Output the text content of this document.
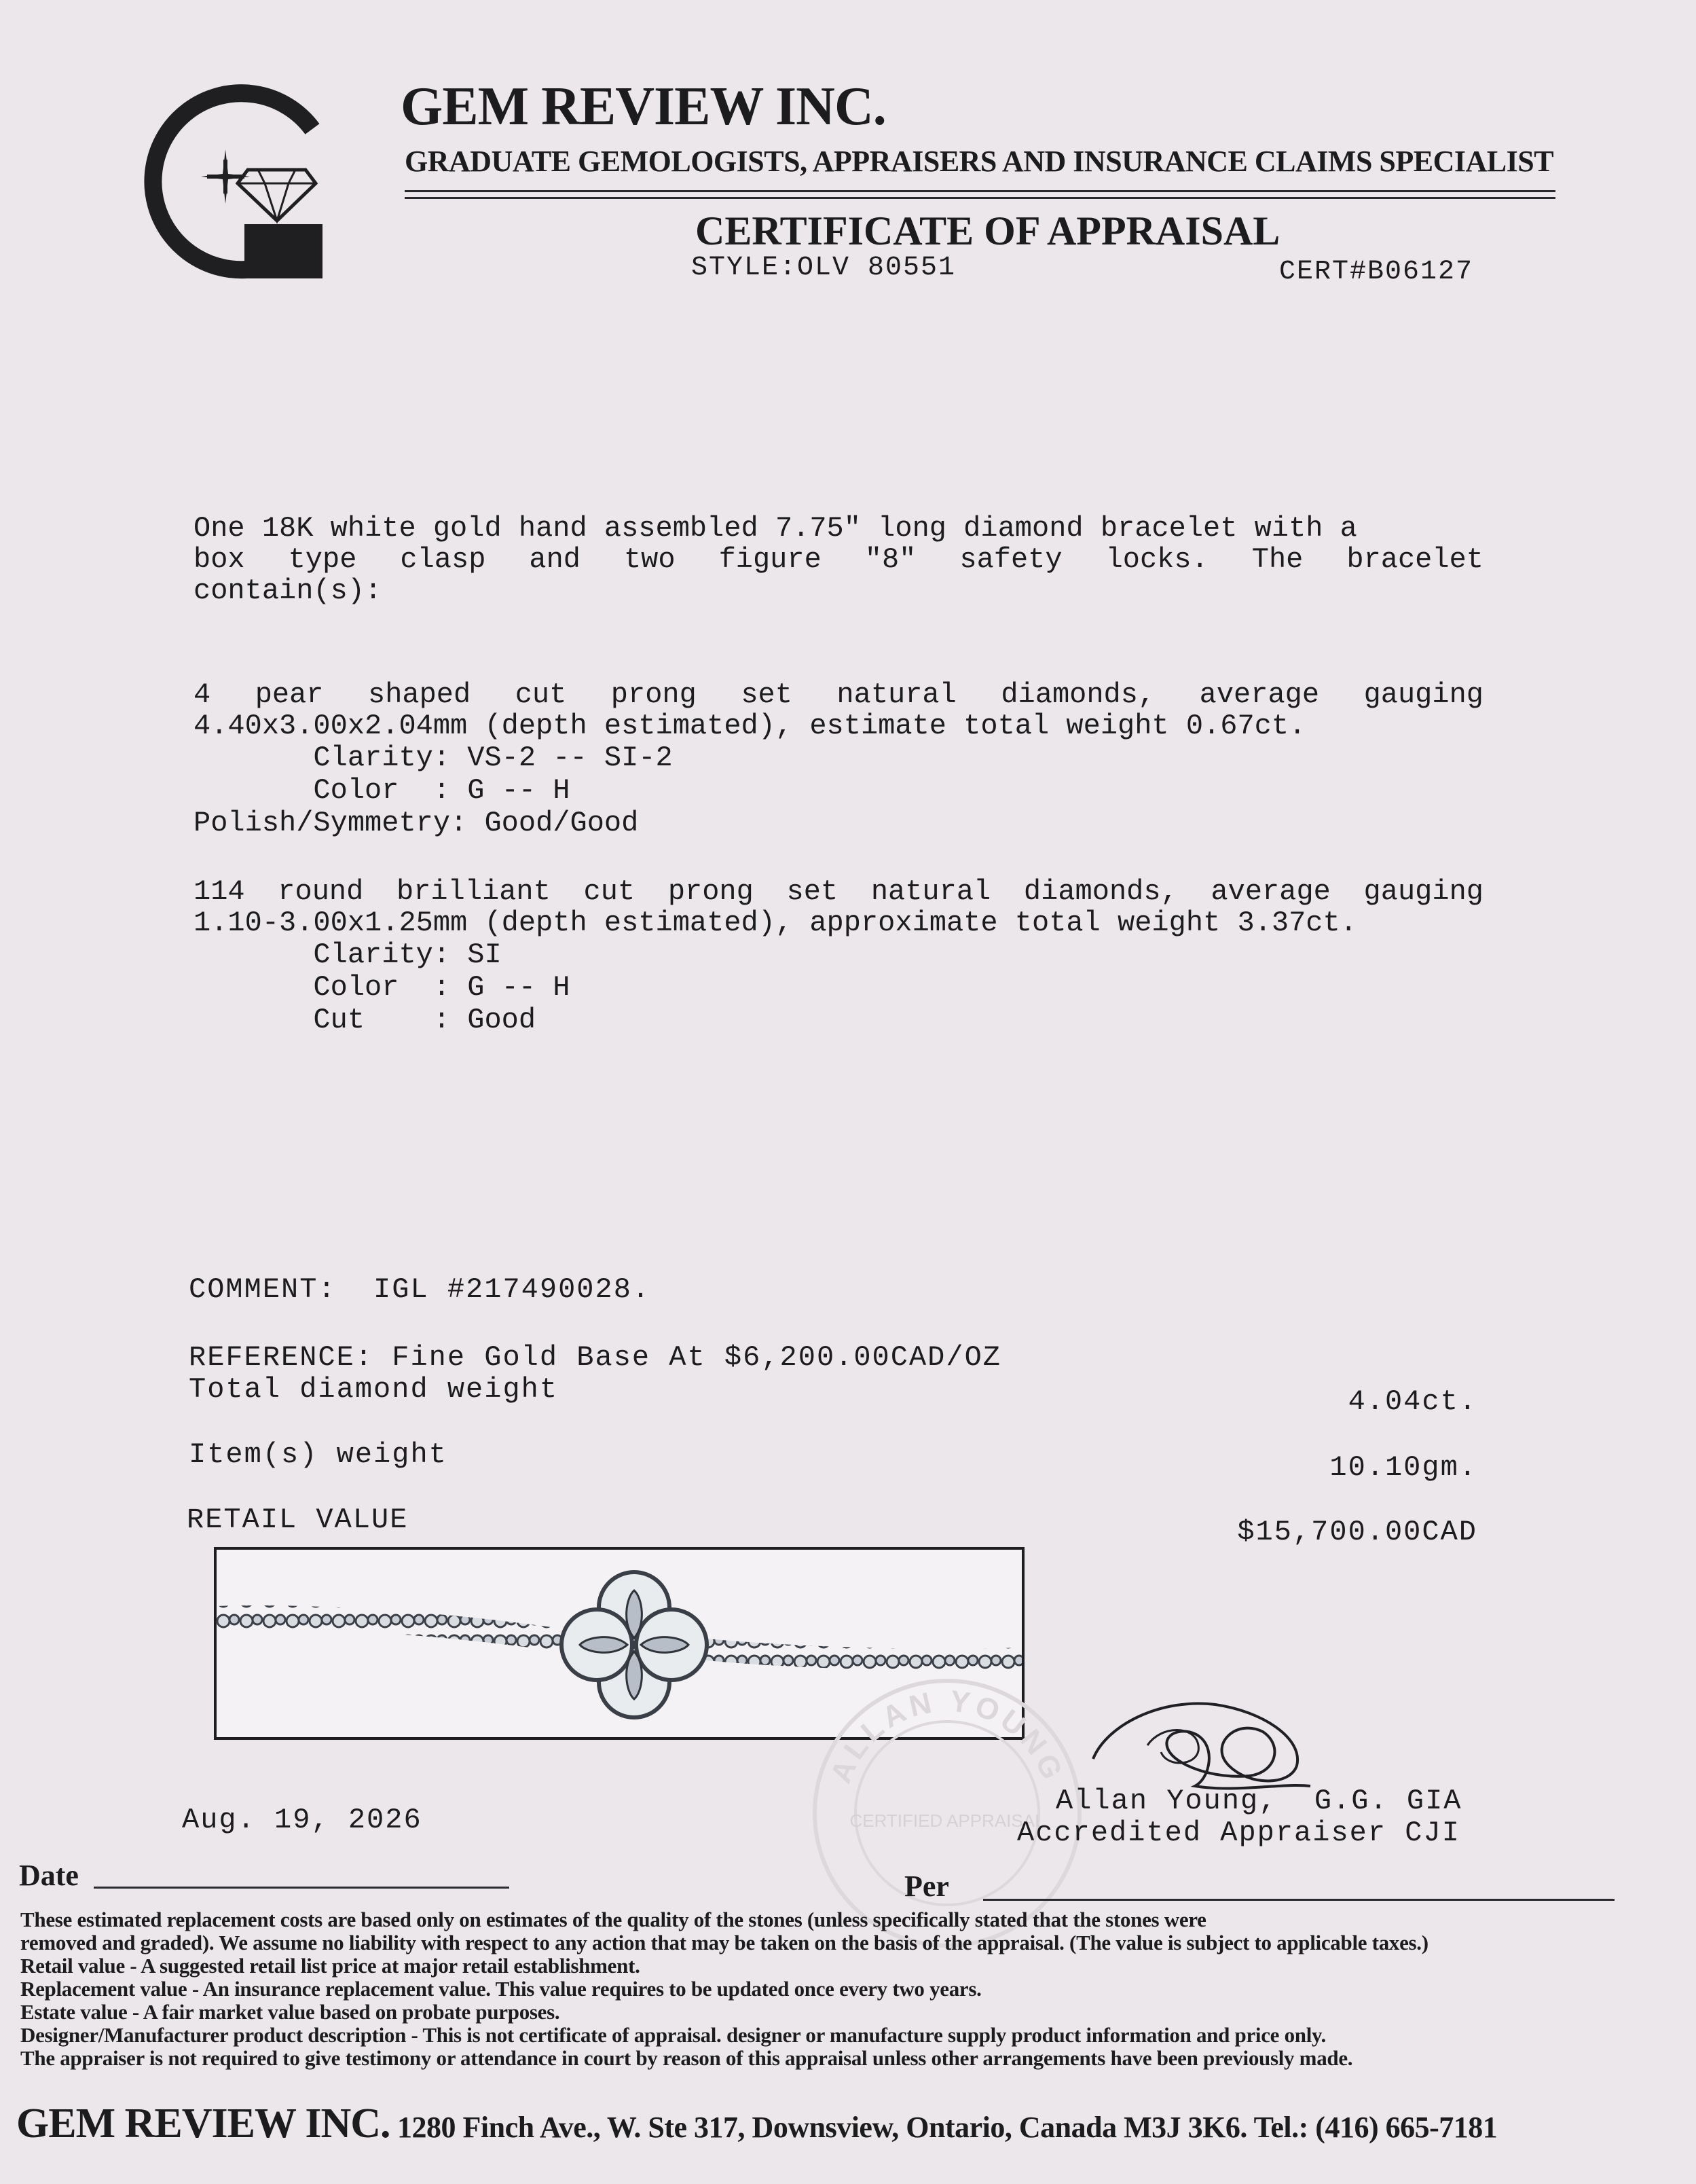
GEM REVIEW INC.
GRADUATE GEMOLOGISTS, APPRAISERS AND INSURANCE CLAIMS SPECIALIST
CERTIFICATE OF APPRAISAL
STYLE:OLV 80551	CERT#B06127

One 18K white gold hand assembled 7.75" long diamond bracelet with a

box type clasp and two figure "8" safety locks. The bracelet

contain(s):

4 pear shaped cut prong set natural diamonds, average gauging

4.40x3.00x2.04mm (depth estimated), estimate total weight 0.67ct.

Clarity: VS-2 -- SI-2
Color  : G -- H
Polish/Symmetry: Good/Good

114 round brilliant cut prong set natural diamonds, average gauging

1.10-3.00x1.25mm (depth estimated), approximate total weight 3.37ct.

Clarity: SI
Color  : G -- H
Cut    : Good
COMMENT:  IGL #217490028.
REFERENCE: Fine Gold Base At $6,200.00CAD/OZ
Total diamond weight	4.04ct.
Item(s) weight	10.10gm.
RETAIL VALUE	$15,700.00CAD
ALLAN YOUNG
CERTIFIED APPRAISAL
Allan Young,  G.G. GIA
Accredited Appraiser CJI
Aug. 19, 2026
Date	Per

These estimated replacement costs are based only on estimates of the quality of the stones (unless specifically stated that the stones were

removed and graded). We assume no liability with respect to any action that may be taken on the basis of the appraisal. (The value is subject to applicable taxes.)

Retail value - A suggested retail list price at major retail establishment.

Replacement value - An insurance replacement value. This value requires to be updated once every two years.

Estate value - A fair market value based on probate purposes.

Designer/Manufacturer product description - This is not certificate of appraisal. designer or manufacture supply product information and price only.

The appraiser is not required to give testimony or attendance in court by reason of this appraisal unless other arrangements have been previously made.

GEM REVIEW INC. 1280 Finch Ave., W. Ste 317, Downsview, Ontario, Canada M3J 3K6. Tel.: (416) 665-7181
